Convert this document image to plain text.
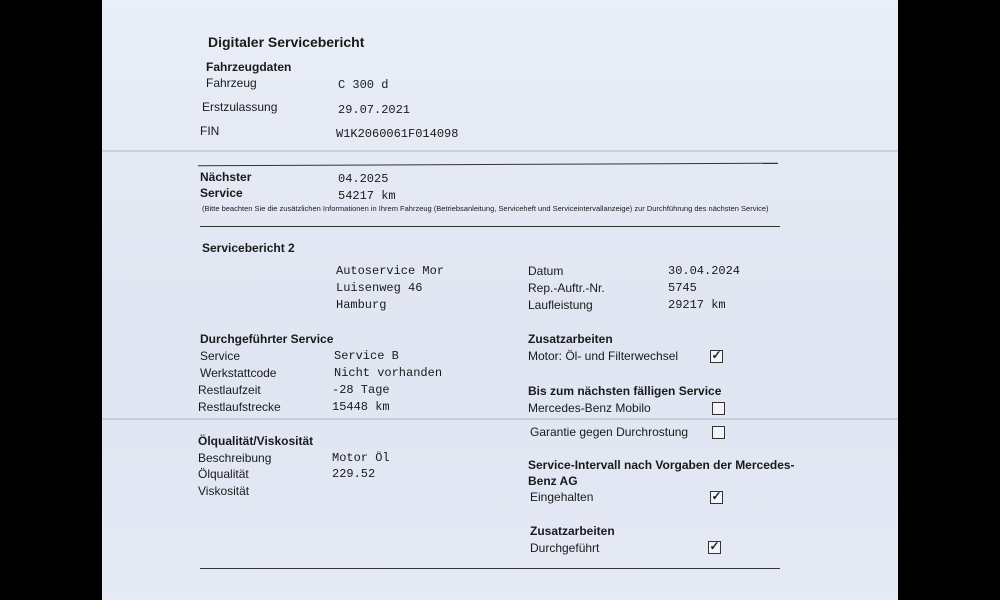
Digitaler Servicebericht
Fahrzeugdaten
Fahrzeug	C 300 d
Erstzulassung	29.07.2021
FIN	W1K2060061F014098
Nächster
Service
04.2025
54217 km
(Bitte beachten Sie die zusätzlichen Informationen in Ihrem Fahrzeug (Betriebsanleitung, Serviceheft und Serviceintervallanzeige) zur Durchführung des nächsten Service)
Servicebericht 2
Autoservice Mor
Luisenweg 46
Hamburg
Datum	30.04.2024
Rep.-Auftr.-Nr.	5745
Laufleistung	29217 km
Durchgeführter Service
Service	Service B
Werkstattcode	Nicht vorhanden
Restlaufzeit	-28 Tage
Restlaufstrecke	15448 km
Ölqualität/Viskosität
Beschreibung	Motor Öl
Ölqualität	229.52
Viskosität
Zusatzarbeiten
Motor: Öl- und Filterwechsel	✓
Bis zum nächsten fälligen Service
Mercedes-Benz Mobilo
Garantie gegen Durchrostung
Service-Intervall nach Vorgaben der Mercedes-
Benz AG
Eingehalten	✓
Zusatzarbeiten
Durchgeführt	✓
